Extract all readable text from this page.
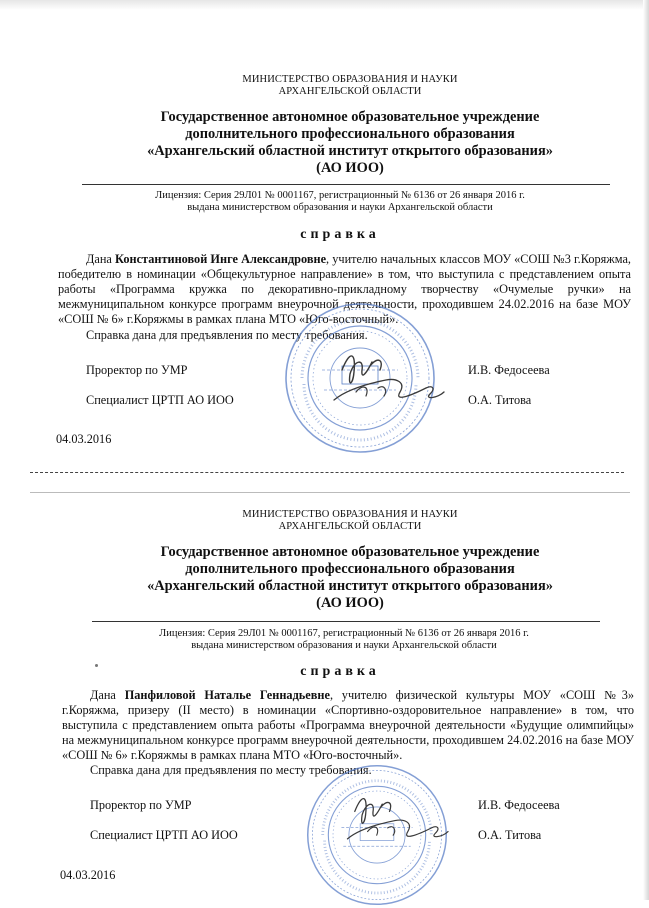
МИНИСТЕРСТВО ОБРАЗОВАНИЯ И НАУКИ
АРХАНГЕЛЬСКОЙ ОБЛАСТИ
Государственное автономное образовательное учреждение
дополнительного профессионального образования
«Архангельский областной институт открытого образования»
(АО ИОО)
Лицензия: Серия 29Л01 № 0001167, регистрационный № 6136 от 26 января 2016 г.
выдана министерством образования и науки Архангельской области
справка
Дана Константиновой Инге Александровне, учителю начальных классов МОУ «СОШ №3 г.Коряжма, победителю в номинации «Общекультурное направление» в том, что выступила с представлением опыта работы «Программа кружка по декоративно-прикладному творчеству «Очумелые ручки» на межмуниципальном конкурсе программ внеурочной деятельности, проходившем 24.02.2016 на базе МОУ «СОШ № 6» г.Коряжмы в рамках плана МТО «Юго-восточный».
Справка дана для предъявления по месту требования.
Проректор по УМР	И.В. Федосеева
Специалист ЦРТП АО ИОО	О.А. Титова
04.03.2016
МИНИСТЕРСТВО ОБРАЗОВАНИЯ И НАУКИ
АРХАНГЕЛЬСКОЙ ОБЛАСТИ
Государственное автономное образовательное учреждение
дополнительного профессионального образования
«Архангельский областной институт открытого образования»
(АО ИОО)
Лицензия: Серия 29Л01 № 0001167, регистрационный № 6136 от 26 января 2016 г.
выдана министерством образования и науки Архангельской области
справка
Дана Панфиловой Наталье Геннадьевне, учителю физической культуры МОУ «СОШ №3» г.Коряжма, призеру (II место) в номинации «Спортивно-оздоровительное направление» в том, что выступила с представлением опыта работы «Программа внеурочной деятельности «Будущие олимпийцы» на межмуниципальном конкурсе программ внеурочной деятельности, проходившем 24.02.2016 на базе МОУ «СОШ № 6» г.Коряжмы в рамках плана МТО «Юго-восточный».
Справка дана для предъявления по месту требования.
Проректор по УМР	И.В. Федосеева
Специалист ЦРТП АО ИОО	О.А. Титова
04.03.2016
